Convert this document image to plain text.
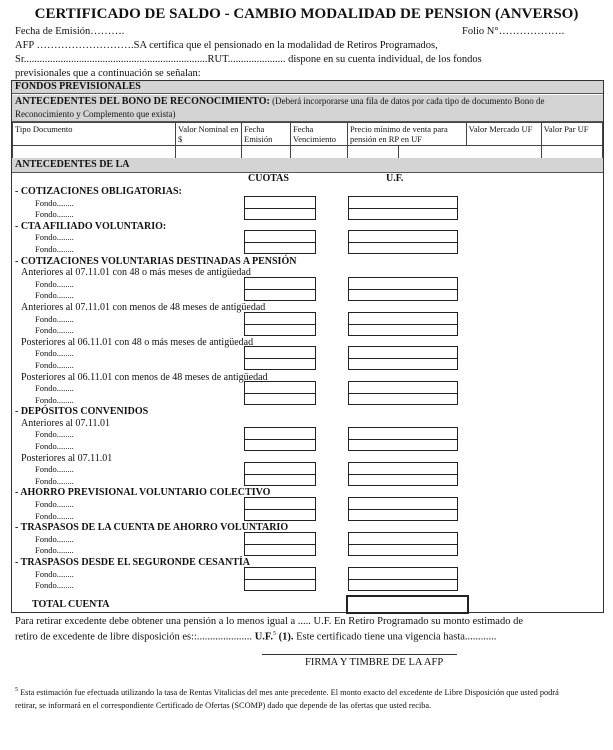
CERTIFICADO DE SALDO - CAMBIO MODALIDAD DE PENSION (ANVERSO)
Fecha de Emisión……….	Folio N°……………….
AFP ……………………….SA certifica que el pensionado en la modalidad de Retiros Programados,
Sr......................................................................RUT...................... dispone en su cuenta individual, de los fondos
previsionales que a continuación se señalan:
FONDOS PREVISIONALES
ANTECEDENTES DEL BONO DE RECONOCIMIENTO: (Deberá incorporarse una fila de datos por cada tipo de documento Bono de Reconocimiento y Complemento que exista)
Tipo Documento	Valor Nominal en $	Fecha Emisión	Fecha Vencimiento	Precio mínimo de venta para pensión en RP en UF		Valor Mercado UF	Valor Par UF

ANTECEDENTES DE LA
CUOTAS	U.F.
- COTIZACIONES OBLIGATORIAS:
Fondo........
Fondo........
- CTA AFILIADO VOLUNTARIO:
Fondo........
Fondo........
- COTIZACIONES VOLUNTARIAS DESTINADAS A PENSIÓN
Anteriores al 07.11.01 con 48 o más meses de antigüedad
Fondo........
Fondo........
Anteriores al 07.11.01 con menos de 48 meses de antigüedad
Fondo........
Fondo........
Posteriores al 06.11.01 con 48 o más meses de antigüedad
Fondo........
Fondo........
Posteriores al 06.11.01 con menos de 48 meses de antigüedad
Fondo........
Fondo........
- DEPÓSITOS CONVENIDOS
Anteriores al 07.11.01
Fondo........
Fondo........
Posteriores al 07.11.01
Fondo........
Fondo........
- AHORRO PREVISIONAL VOLUNTARIO COLECTIVO
Fondo........
Fondo........
- TRASPASOS DE LA CUENTA DE AHORRO VOLUNTARIO
Fondo........
Fondo........
- TRASPASOS DESDE EL SEGURONDE CESANTÍA
Fondo........
Fondo........
TOTAL CUENTA
Para retirar excedente debe obtener una pensión a lo menos igual a ..... U.F. En Retiro Programado su monto estimado de
retiro de excedente de libre disposición es::..................... U.F.$^5$ (1). Este certificado tiene una vigencia hasta............
FIRMA Y TIMBRE DE LA AFP
$^5$ Esta estimación fue efectuada utilizando la tasa de Rentas Vitalicias del mes ante precedente. El monto exacto del excedente de Libre Disposición que usted podrá retirar, se informará en el correspondiente Certificado de Ofertas (SCOMP) dado que depende de las ofertas que usted reciba.
